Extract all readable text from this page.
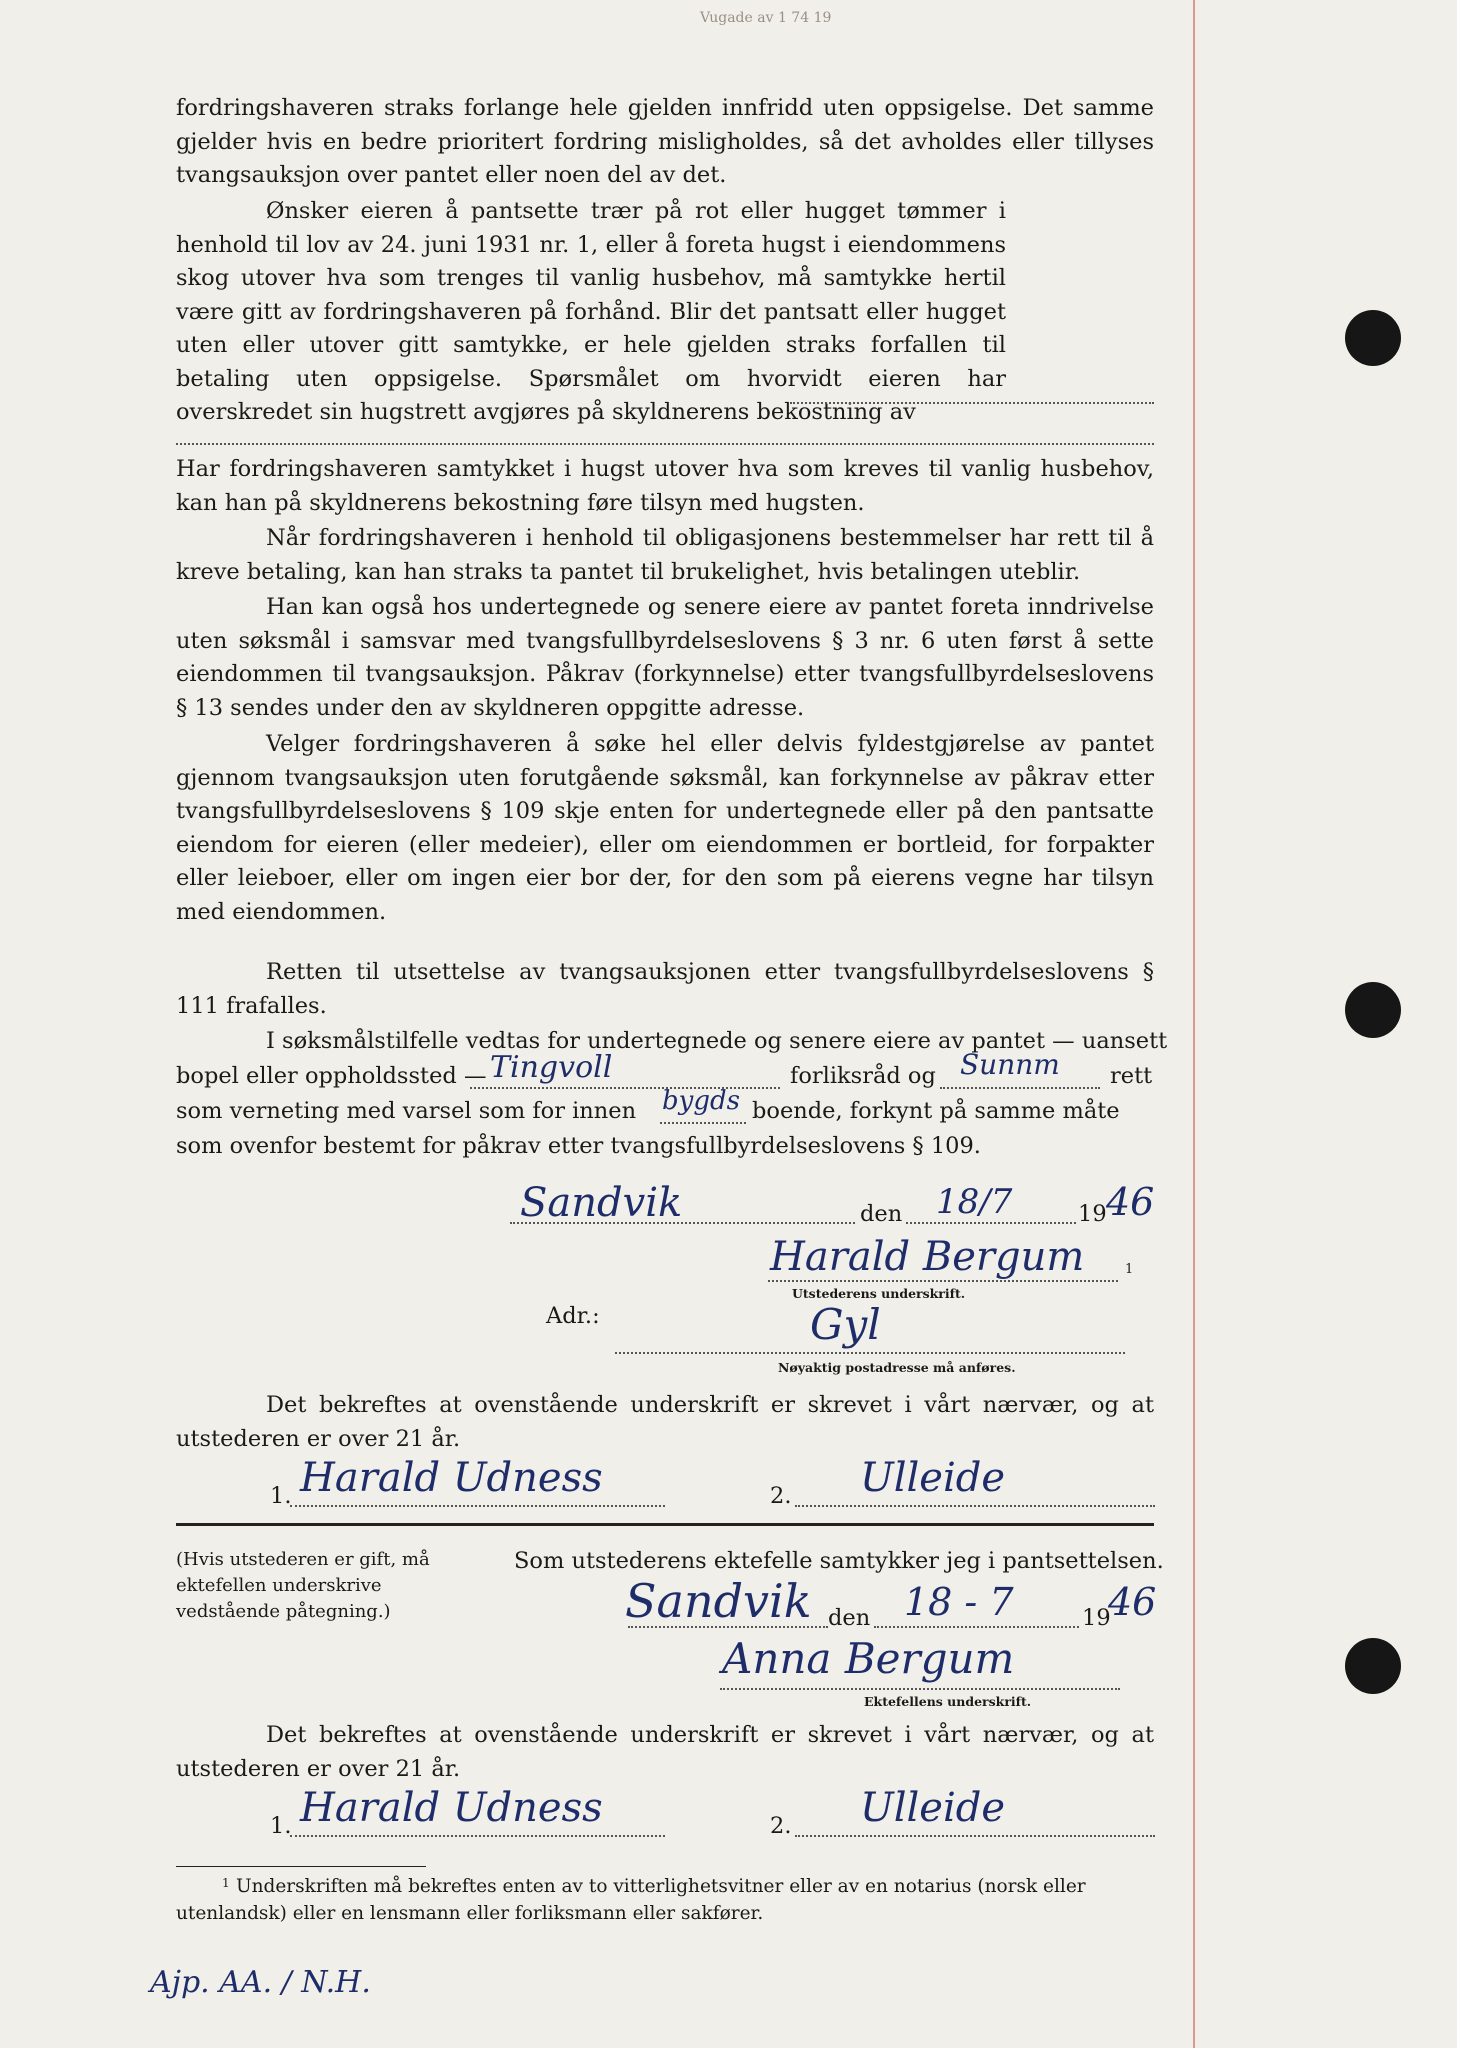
Vugade av 1 74 19

fordringshaveren straks forlange hele gjelden innfridd uten oppsigelse. Det samme gjelder hvis en bedre prioritert fordring misligholdes, så det avholdes eller tillyses tvangsauksjon over pantet eller noen del av det.

Ønsker eieren å pantsette trær på rot eller hugget tømmer i henhold til lov av 24. juni 1931 nr. 1, eller å foreta hugst i eiendommens skog utover hva som trenges til vanlig husbehov, må samtykke hertil være gitt av fordringshaveren på forhånd. Blir det pantsatt eller hugget uten eller utover gitt samtykke, er hele gjelden straks forfallen til betaling uten oppsigelse. Spørsmålet om hvorvidt eieren har overskredet sin hugstrett avgjøres på skyldnerens bekostning av

Har fordringshaveren samtykket i hugst utover hva som kreves til vanlig husbehov, kan han på skyldnerens bekostning føre tilsyn med hugsten.

Når fordringshaveren i henhold til obligasjonens bestemmelser har rett til å kreve betaling, kan han straks ta pantet til brukelighet, hvis betalingen uteblir.

Han kan også hos undertegnede og senere eiere av pantet foreta inndrivelse uten søksmål i samsvar med tvangsfullbyrdelseslovens § 3 nr. 6 uten først å sette eiendommen til tvangsauksjon. Påkrav (forkynnelse) etter tvangsfullbyrdelseslovens § 13 sendes under den av skyldneren oppgitte adresse.

Velger fordringshaveren å søke hel eller delvis fyldestgjørelse av pantet gjennom tvangsauksjon uten forutgående søksmål, kan forkynnelse av påkrav etter tvangsfullbyrdelseslovens § 109 skje enten for undertegnede eller på den pantsatte eiendom for eieren (eller medeier), eller om eiendommen er bortleid, for forpakter eller leieboer, eller om ingen eier bor der, for den som på eierens vegne har tilsyn med eiendommen.

Retten til utsettelse av tvangsauksjonen etter tvangsfullbyrdelseslovens § 111 frafalles.

I søksmålstilfelle vedtas for undertegnede og senere eiere av pantet — uansett
bopel eller oppholdssted — Tingvoll	forliksråd og Sunnm rett
som verneting med varsel som for innen bygds boende, forkynt på samme måte
som ovenfor bestemt for påkrav etter tvangsfullbyrdelseslovens § 109.
Sandvik	den 18/7	19 46
Harald Bergum	1
Utstederens underskrift.
Adr.:	Gyl
Nøyaktig postadresse må anføres.

Det bekreftes at ovenstående underskrift er skrevet i vårt nærvær, og at utstederen er over 21 år.

1. Harald Udness	2. Ulleide
(Hvis utstederen er gift, må ektefellen underskrive vedstående påtegning.)
Som utstederens ektefelle samtykker jeg i pantsettelsen.
Sandvik den 18 - 7	19
46
Anna Bergum
Ektefellens underskrift.

Det bekreftes at ovenstående underskrift er skrevet i vårt nærvær, og at utstederen er over 21 år.

1. Harald Udness	2. Ulleide
1 Underskriften må bekreftes enten av to vitterlighetsvitner eller av en notarius (norsk eller utenlandsk) eller en lensmann eller forliksmann eller sakfører.

Ajp. AA. / N.H.
